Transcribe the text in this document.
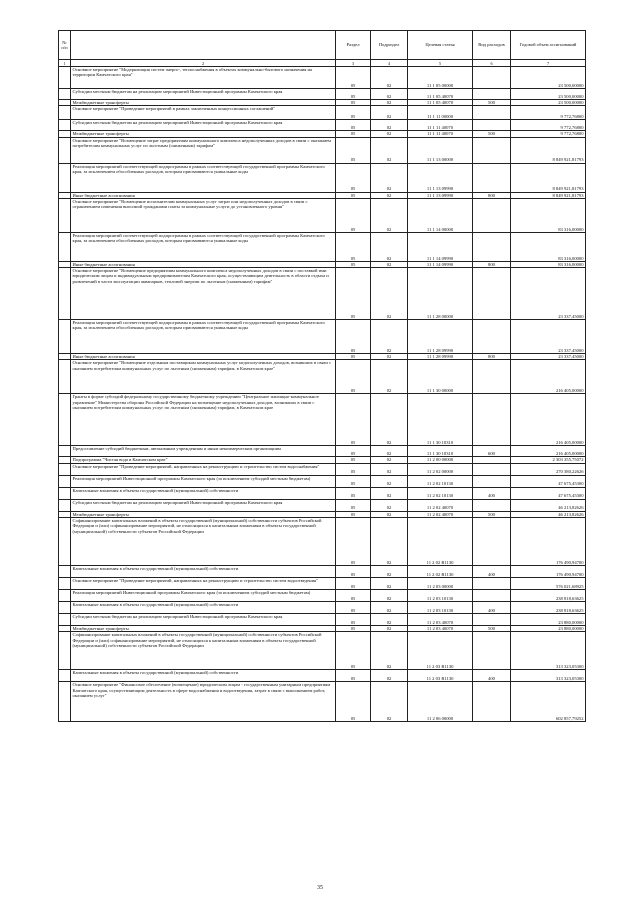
№ п/п		Раздел	Подраздел	Целевая статья	Вид расходов	Годовой объем ассигнований
1	2	3	4	5	6	7
	Основное мероприятие "Модернизация систем энерго-, теплоснабжения в объектах коммунально-бытового назначения на территории Камчатского края"	05	02	11 1 05 00000		23 500,00000
	Субсидии местным бюджетам на реализацию мероприятий Инвестиционной программы Камчатского края	05	02	11 1 05 40070		23 500,00000
	Межбюджетные трансферты	05	02	11 1 05 40070	500	23 500,00000
	Основное мероприятие "Проведение мероприятий в рамках заключенных концессионных соглашений"	05	02	11 1 11 00000		9 772,76800
	Субсидии местным бюджетам на реализацию мероприятий Инвестиционной программы Камчатского края	05	02	11 1 11 40070		9 772,76800
	Межбюджетные трансферты	05	02	11 1 11 40070	500	9 772,76800
	Основное мероприятие "Возмещение затрат предприятиям коммунального комплекса недополученных доходов в связи с оказанием потребителям коммунальных услуг по льготным (сниженным) тарифам"	05	02	11 1 13 00000		8 849 921,81793
	Реализация мероприятий соответствующей подпрограммы в рамках соответствующей государственной программы Камчатского края, за исключением обособленных расходов, которым присваиваются уникальные коды	05	02	11 1 13 09990		8 849 921,81793
	Иные бюджетные ассигнования	05	02	11 1 13 09990	800	8 849 921,81793
	Основное мероприятие "Возмещение исполнителям коммунальных услуг затрат или недополученных доходов в связи с ограничением изменения вносимой гражданами платы за коммунальные услуги до установленного уровня"	05	02	11 1 14 00000		83 316,00000
	Реализация мероприятий соответствующей подпрограммы в рамках соответствующей государственной программы Камчатского края, за исключением обособленных расходов, которым присваиваются уникальные коды	05	02	11 1 14 09990		83 316,00000
	Иные бюджетные ассигнования	05	02	11 1 14 09990	800	83 316,00000
	Основное мероприятие "Возмещение предприятиям коммунального комплекса недополученных доходов в связи с поставкой ими юридическим лицам и индивидуальным предпринимателям Камчатского края, осуществляющим деятельность в области отдыха и развлечений в части эксплуатации аквапарков, тепловой энергии по льготным (сниженным) тарифам"	05	02	11 1 28 00000		23 337,45000
	Реализация мероприятий соответствующей подпрограммы в рамках соответствующей государственной программы Камчатского края, за исключением обособленных расходов, которым присваиваются уникальные коды	05	02	11 1 28 09990		23 337,45000
	Иные бюджетные ассигнования	05	02	11 1 28 09990	800	23 337,45000
	Основное мероприятие "Возмещение отдельным поставщикам коммунальных услуг недополученных доходов, возникших в связи с оказанием потребителям коммунальных услуг по льготным (сниженным) тарифам, в Камчатском крае"	05	02	11 1 30 00000		216 405,00000
	Гранты в форме субсидий федеральному государственному бюджетному учреждению "Центральное жилищно-коммунальное управление" Министерства обороны Российской Федерации на возмещение недополученных доходов, возникших в связи с оказанием потребителям коммунальных услуг по льготным (сниженным) тарифам, в Камчатском крае	05	02	11 1 30 10310		216 405,00000
	Предоставление субсидий бюджетным, автономным учреждениям и иным некоммерческим организациям	05	02	11 1 30 10310	600	216 405,00000
	Подпрограмма "Чистая вода в Камчатском крае"	05	02	11 2 00 00000		2 303 355,75072
	Основное мероприятие "Проведение мероприятий, направленных на реконструкцию и строительство систем водоснабжения"	05	02	11 2 02 00000		270 380,22626
	Реализация мероприятий Инвестиционной программы Камчатского края (за исключением субсидий местным бюджетам)	05	02	11 2 02 10130		47 675,45300
	Капитальные вложения в объекты государственной (муниципальной) собственности	05	02	11 2 02 10130	400	47 675,45300
	Субсидии местным бюджетам на реализацию мероприятий Инвестиционной программы Камчатского края	05	02	11 2 02 40070		46 213,82626
	Межбюджетные трансферты	05	02	11 2 02 40070	500	46 213,82626
	Софинансирование капитальных вложений в объекты государственной (муниципальной) собственности субъектов Российской Федерации и (или) софинансирование мероприятий, не относящихся к капитальным вложениям в объекты государственной (муниципальной) собственности субъектов Российской Федерации	05	02	11 2 02 R1130		176 490,94700
	Капитальные вложения в объекты государственной (муниципальной) собственности	05	02	11 2 02 R1130	400	176 490,94700
	Основное мероприятие "Проведение мероприятий, направленных на реконструкцию и строительство систем водоотведения"	05	02	11 2 03 00000		576 021,68925
	Реализация мероприятий Инвестиционной программы Камчатского края (за исключением субсидий местным бюджетам)	05	02	11 2 03 10130		238 818,63625
	Капитальные вложения в объекты государственной (муниципальной) собственности	05	02	11 2 03 10130	400	238 818,63625
	Субсидии местным бюджетам на реализацию мероприятий Инвестиционной программы Камчатского края	05	02	11 2 03 40070		23 880,00000
	Межбюджетные трансферты	05	02	11 2 03 40070	500	23 880,00000
	Софинансирование капитальных вложений в объекты государственной (муниципальной) собственности субъектов Российской Федерации и (или) софинансирование мероприятий, не относящихся к капитальным вложениям в объекты государственной (муниципальной) собственности субъектов Российской Федерации	05	02	11 2 03 R1130		313 323,05300
	Капитальные вложения в объекты государственной (муниципальной) собственности	05	02	11 2 03 R1130	400	313 323,05300
	Основное мероприятие "Финансовое обеспечение (возмещение) юридическим лицам - государственным унитарным предприятиям Камчатского края, осуществляющим деятельность в сфере водоснабжения и водоотведения, затрат в связи с выполнением работ, оказанием услуг"	05	02	11 2 06 00000		602 857,79252
35
